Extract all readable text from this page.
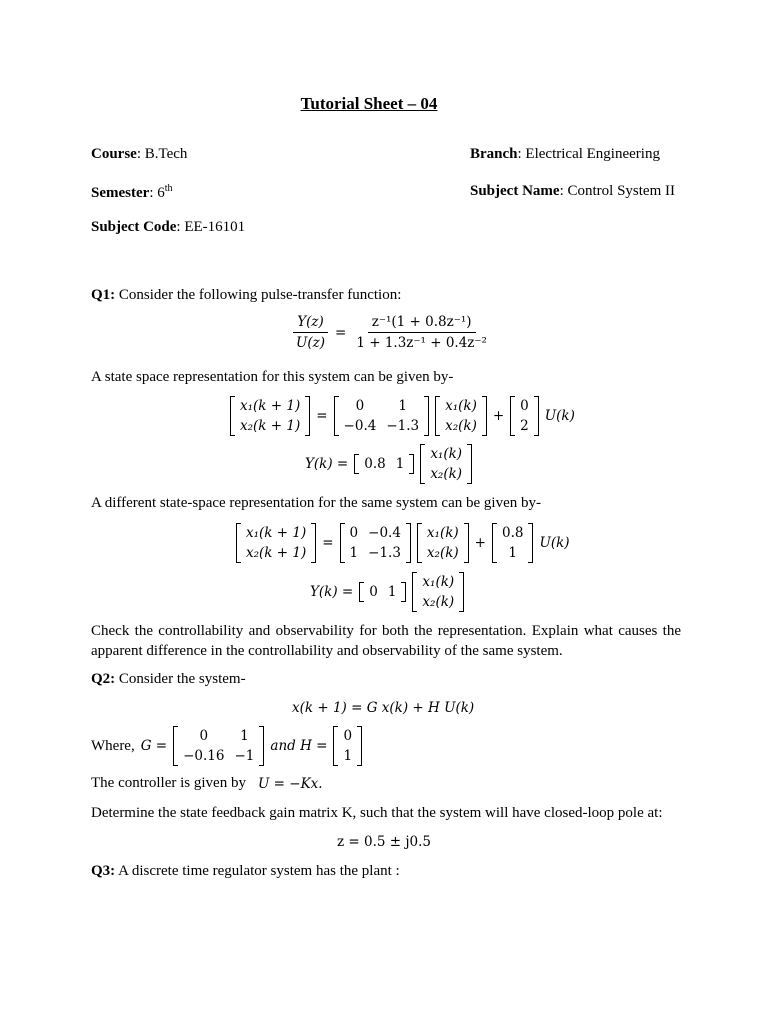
Tutorial Sheet – 04
Course: B.Tech	Branch: Electrical Engineering
Semester: 6th	Subject Name: Control System II
Subject Code: EE-16101
Q1: Consider the following pulse-transfer function:
$\frac{Y(z)}{U(z)} = \frac{\text{z⁻¹(1 + 0.8z⁻¹)}}{\text{1 + 1.3z⁻¹ + 0.4z⁻²}}$
A state space representation for this system can be given by-
x₁(k + 1)
x₂(k + 1)
=
0	1
−0.4	−1.3
x₁(k)
x₂(k)
+
0
2
U(k)
Y(k) = 0.8	1
x₁(k)
x₂(k)
A different state-space representation for the same system can be given by-
x₁(k + 1)
x₂(k + 1)
=
0	−0.4
1	−1.3
x₁(k)
x₂(k)
+
0.8
1
U(k)
Y(k) = 0	1
x₁(k)
x₂(k)
Check the controllability and observability for both the representation. Explain what causes the apparent difference in the controllability and observability of the same system.
Q2: Consider the system-
x(k + 1) = G x(k) + H U(k)
Where, G =
0	1
−0.16	−1
and H =
0
1
The controller is given by U = −Kx.
Determine the state feedback gain matrix K, such that the system will have closed-loop pole at:
z = 0.5 ± j0.5
Q3: A discrete time regulator system has the plant :
